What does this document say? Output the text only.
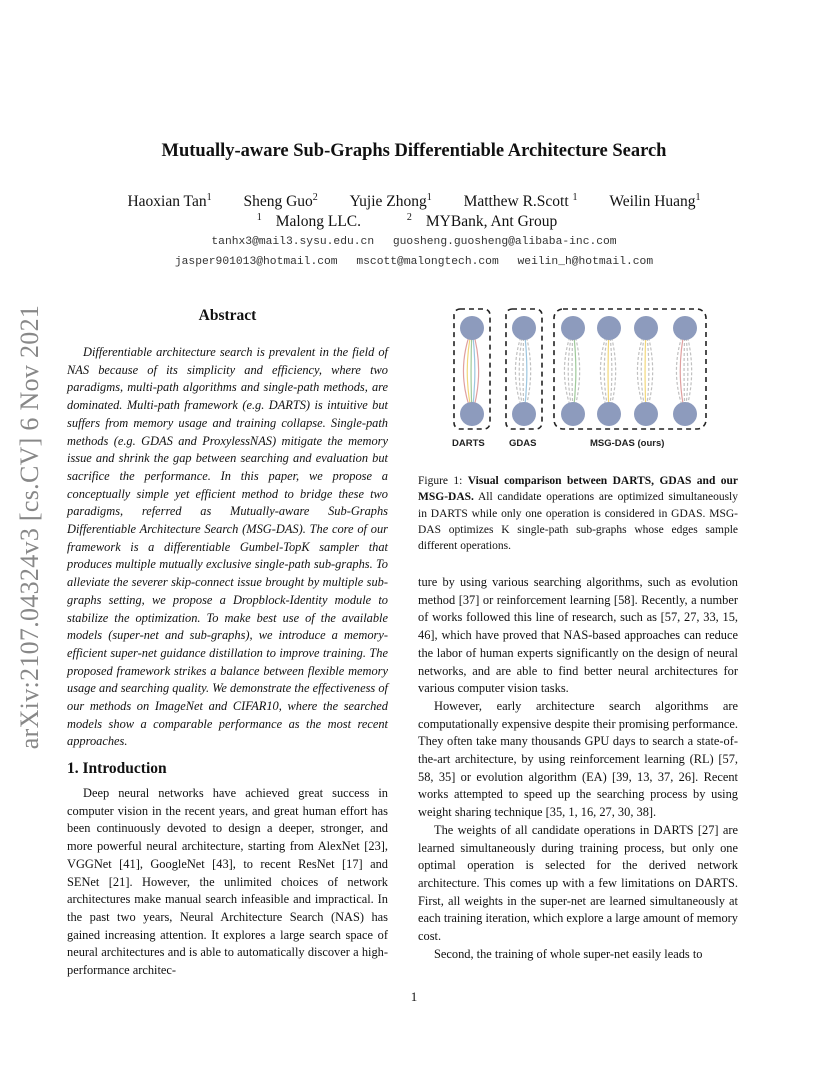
arXiv:2107.04324v3 [cs.CV] 6 Nov 2021
Mutually-aware Sub-Graphs Differentiable Architecture Search
Haoxian Tan$^1$ Sheng Guo$^2$ Yujie Zhong$^1$ Matthew R.Scott $^1$ Weilin Huang$^1$
$^1$ Malong LLC.	$^2$ MYBank, Ant Group
tanhx3@mail3.sysu.edu.cn guosheng.guosheng@alibaba-inc.com
jasper901013@hotmail.com mscott@malongtech.com weilin_h@hotmail.com
Abstract
Differentiable architecture search is prevalent in the field of NAS because of its simplicity and efficiency, where two paradigms, multi-path algorithms and single-path methods, are dominated. Multi-path framework (e.g. DARTS) is intuitive but suffers from memory usage and training collapse. Single-path methods (e.g. GDAS and ProxylessNAS) mitigate the memory issue and shrink the gap between searching and evaluation but sacrifice the performance. In this paper, we propose a conceptually simple yet efficient method to bridge these two paradigms, referred as Mutually-aware Sub-Graphs Differentiable Architecture Search (MSG-DAS). The core of our framework is a differentiable Gumbel-TopK sampler that produces multiple mutually exclusive single-path sub-graphs. To alleviate the severer skip-connect issue brought by multiple sub-graphs setting, we propose a Dropblock-Identity module to stabilize the optimization. To make best use of the available models (super-net and sub-graphs), we introduce a memory-efficient super-net guidance distillation to improve training. The proposed framework strikes a balance between flexible memory usage and searching quality. We demonstrate the effectiveness of our methods on ImageNet and CIFAR10, where the searched models show a comparable performance as the most recent approaches.
1. Introduction
Deep neural networks have achieved great success in computer vision in the recent years, and great human effort has been continuously devoted to design a deeper, stronger, and more powerful neural architecture, starting from AlexNet [23], VGGNet [41], GoogleNet [43], to recent ResNet [17] and SENet [21]. However, the unlimited choices of network architectures make manual search infeasible and impractical. In the past two years, Neural Architecture Search (NAS) has gained increasing attention. It explores a large search space of neural architectures and is able to automatically discover a high-performance architec-
DARTS	GDAS	MSG-DAS (ours)
Figure 1: Visual comparison between DARTS, GDAS and our MSG-DAS. All candidate operations are optimized simultaneously in DARTS while only one operation is considered in GDAS. MSG-DAS optimizes K single-path sub-graphs whose edges sample different operations.

ture by using various searching algorithms, such as evolution method [37] or reinforcement learning [58]. Recently, a number of works followed this line of research, such as [57, 27, 33, 15, 46], which have proved that NAS-based approaches can reduce the labor of human experts significantly on the design of neural networks, and are able to find better neural architectures for various computer vision tasks.

However, early architecture search algorithms are computationally expensive despite their promising performance. They often take many thousands GPU days to search a state-of-the-art architecture, by using reinforcement learning (RL) [57, 58, 35] or evolution algorithm (EA) [39, 13, 37, 26]. Recent works attempted to speed up the searching process by using weight sharing technique [35, 1, 16, 27, 30, 38].

The weights of all candidate operations in DARTS [27] are learned simultaneously during training process, but only one optimal operation is selected for the derived network architecture. This comes up with a few limitations on DARTS. First, all weights in the super-net are learned simultaneously at each training iteration, which explore a large amount of memory cost.

Second, the training of whole super-net easily leads to

1
